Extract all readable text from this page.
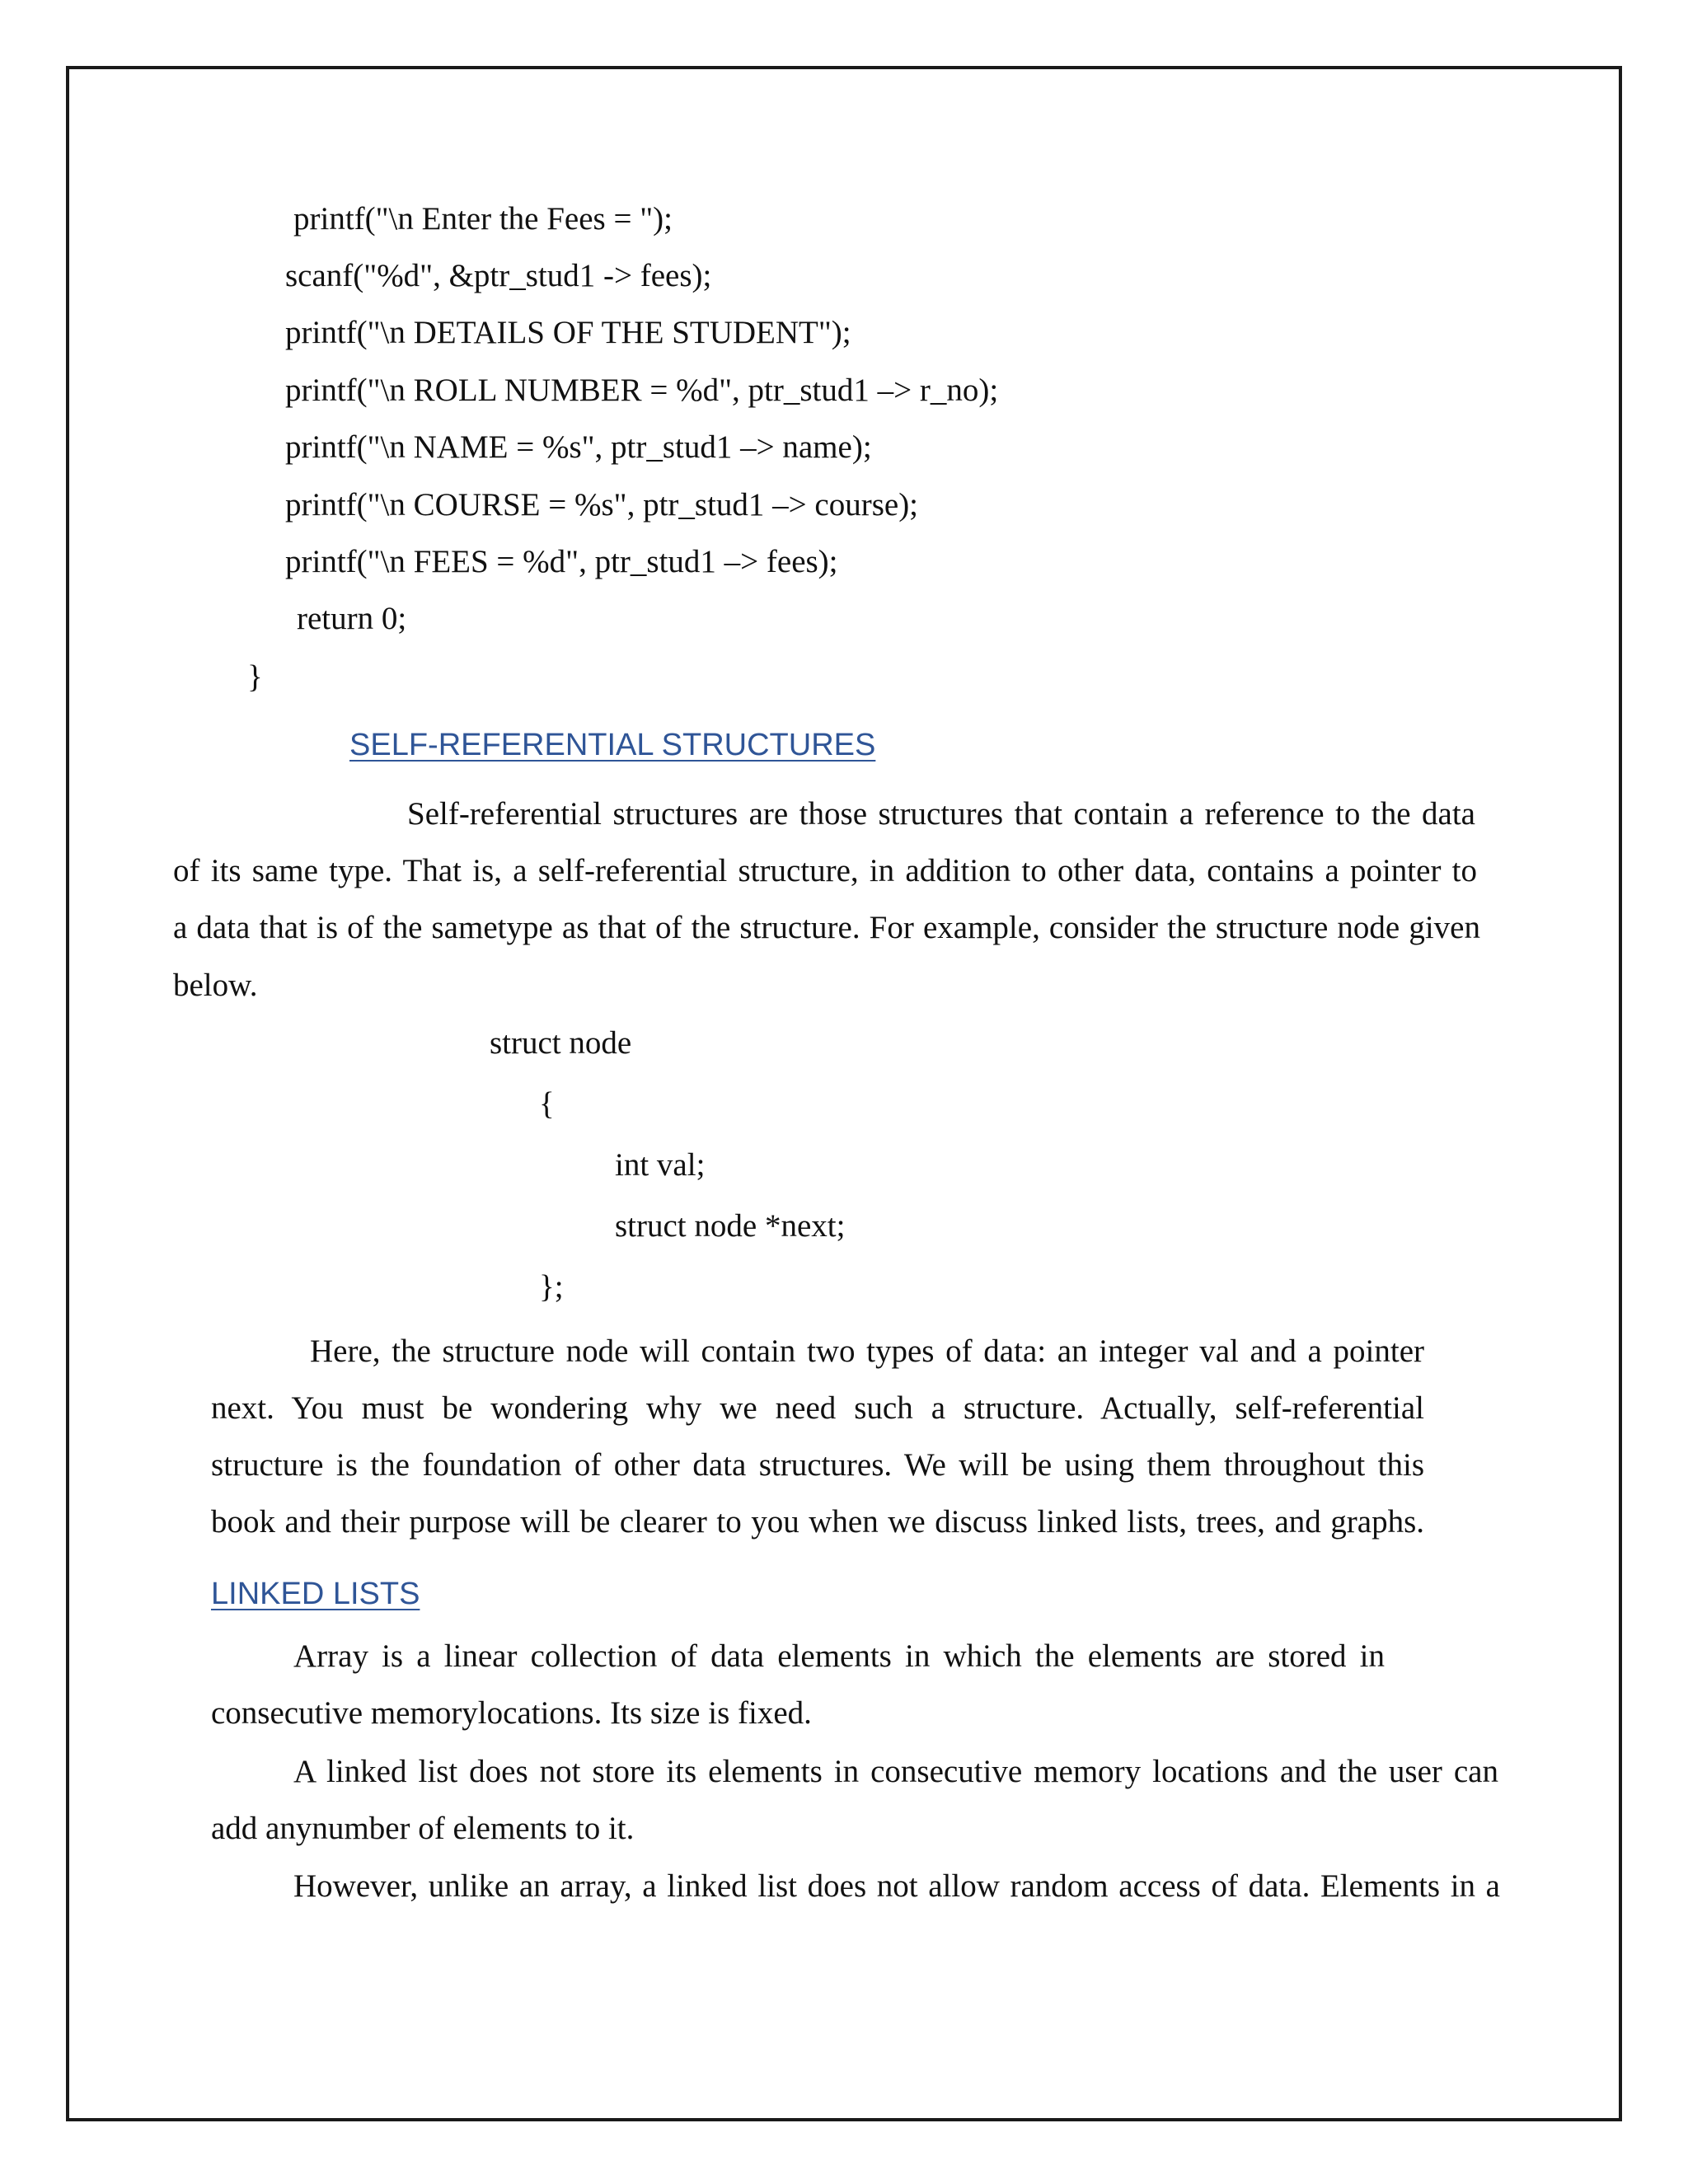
printf("\n Enter the Fees = ");

scanf("%d", &ptr_stud1 -> fees);

printf("\n DETAILS OF THE STUDENT");

printf("\n ROLL NUMBER = %d", ptr_stud1 –> r_no);

printf("\n NAME = %s", ptr_stud1 –> name);

printf("\n COURSE = %s", ptr_stud1 –> course);

printf("\n FEES = %d", ptr_stud1 –> fees);

return 0;

}

SELF-REFERENTIAL STRUCTURES

Self-referential structures are those structures that contain a reference to the data

of its same type. That is, a self-referential structure, in addition to other data, contains a pointer to

a data that is of the sametype as that of the structure. For example, consider the structure node given

below.

struct node

{

int val;

struct node *next;

};

Here, the structure node will contain two types of data: an integer val and a pointer

next. You must be wondering why we need such a structure. Actually, self-referential

structure is the foundation of other data structures. We will be using them throughout this

book and their purpose will be clearer to you when we discuss linked lists, trees, and graphs.

LINKED LISTS

Array is a linear collection of data elements in which the elements are stored in

consecutive memorylocations. Its size is fixed.

A linked list does not store its elements in consecutive memory locations and the user can

add anynumber of elements to it.

However, unlike an array, a linked list does not allow random access of data. Elements in a
